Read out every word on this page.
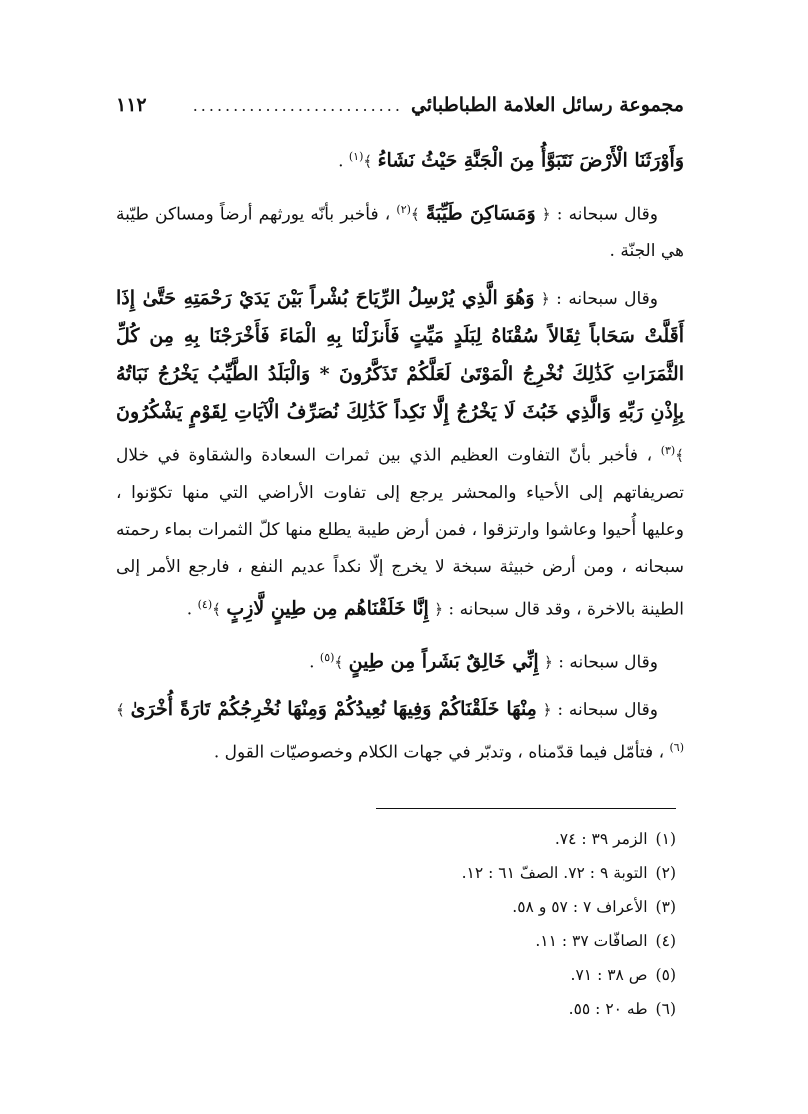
١١٢	مجموعة رسائل العلامة الطباطبائي
..........................

وَأَوْرَثَنَا الْأَرْضَ نَتَبَوَّأُ مِنَ الْجَنَّةِ حَيْثُ نَشَاءُ ﴾$^{(١)}$ .

وقال سبحانه : ﴿ وَمَسَاكِنَ طَيِّبَةً ﴾$^{(٢)}$ ، فأخبر بأنّه يورثهم أرضاً ومساكن طيّبة هي الجنّة .

وقال سبحانه : ﴿ وَهُوَ الَّذِي يُرْسِلُ الرِّيَاحَ بُشْراً بَيْنَ يَدَيْ رَحْمَتِهِ حَتَّىٰ إِذَا أَقَلَّتْ سَحَاباً ثِقَالاً سُقْنَاهُ لِبَلَدٍ مَيِّتٍ فَأَنزَلْنَا بِهِ الْمَاءَ فَأَخْرَجْنَا بِهِ مِن كُلِّ الثَّمَرَاتِ كَذَٰلِكَ نُخْرِجُ الْمَوْتَىٰ لَعَلَّكُمْ تَذَكَّرُونَ * وَالْبَلَدُ الطَّيِّبُ يَخْرُجُ نَبَاتُهُ بِإِذْنِ رَبِّهِ وَالَّذِي خَبُثَ لَا يَخْرُجُ إِلَّا نَكِداً كَذَٰلِكَ نُصَرِّفُ الْآيَاتِ لِقَوْمٍ يَشْكُرُونَ ﴾$^{(٣)}$ ، فأخبر بأنّ التفاوت العظيم الذي بين ثمرات السعادة والشقاوة في خلال تصريفاتهم إلى الأحياء والمحشر يرجع إلى تفاوت الأراضي التي منها تكوّنوا ، وعليها أُحيوا وعاشوا وارتزقوا ، فمن أرض طيبة يطلع منها كلّ الثمرات بماء رحمته سبحانه ، ومن أرض خبيثة سبخة لا يخرج إلّا نكداً عديم النفع ، فارجع الأمر إلى الطينة بالاخرة ، وقد قال سبحانه : ﴿ إِنَّا خَلَقْنَاهُم مِن طِينٍ لَّازِبٍ ﴾$^{(٤)}$ .

وقال سبحانه : ﴿ إِنِّي خَالِقٌ بَشَراً مِن طِينٍ ﴾$^{(٥)}$ .

وقال سبحانه : ﴿ مِنْهَا خَلَقْنَاكُمْ وَفِيهَا نُعِيدُكُمْ وَمِنْهَا نُخْرِجُكُمْ تَارَةً أُخْرَىٰ ﴾$^{(٦)}$ ، فتأمّل فيما قدّمناه ، وتدبّر في جهات الكلام وخصوصيّات القول .

(١)الزمر ٣٩ : ٧٤.
(٢)التوبة ٩ : ٧٢. الصفّ ٦١ : ١٢.
(٣)الأعراف ٧ : ٥٧ و ٥٨.
(٤)الصافّات ٣٧ : ١١.
(٥)ص ٣٨ : ٧١.
(٦)طه ٢٠ : ٥٥.
